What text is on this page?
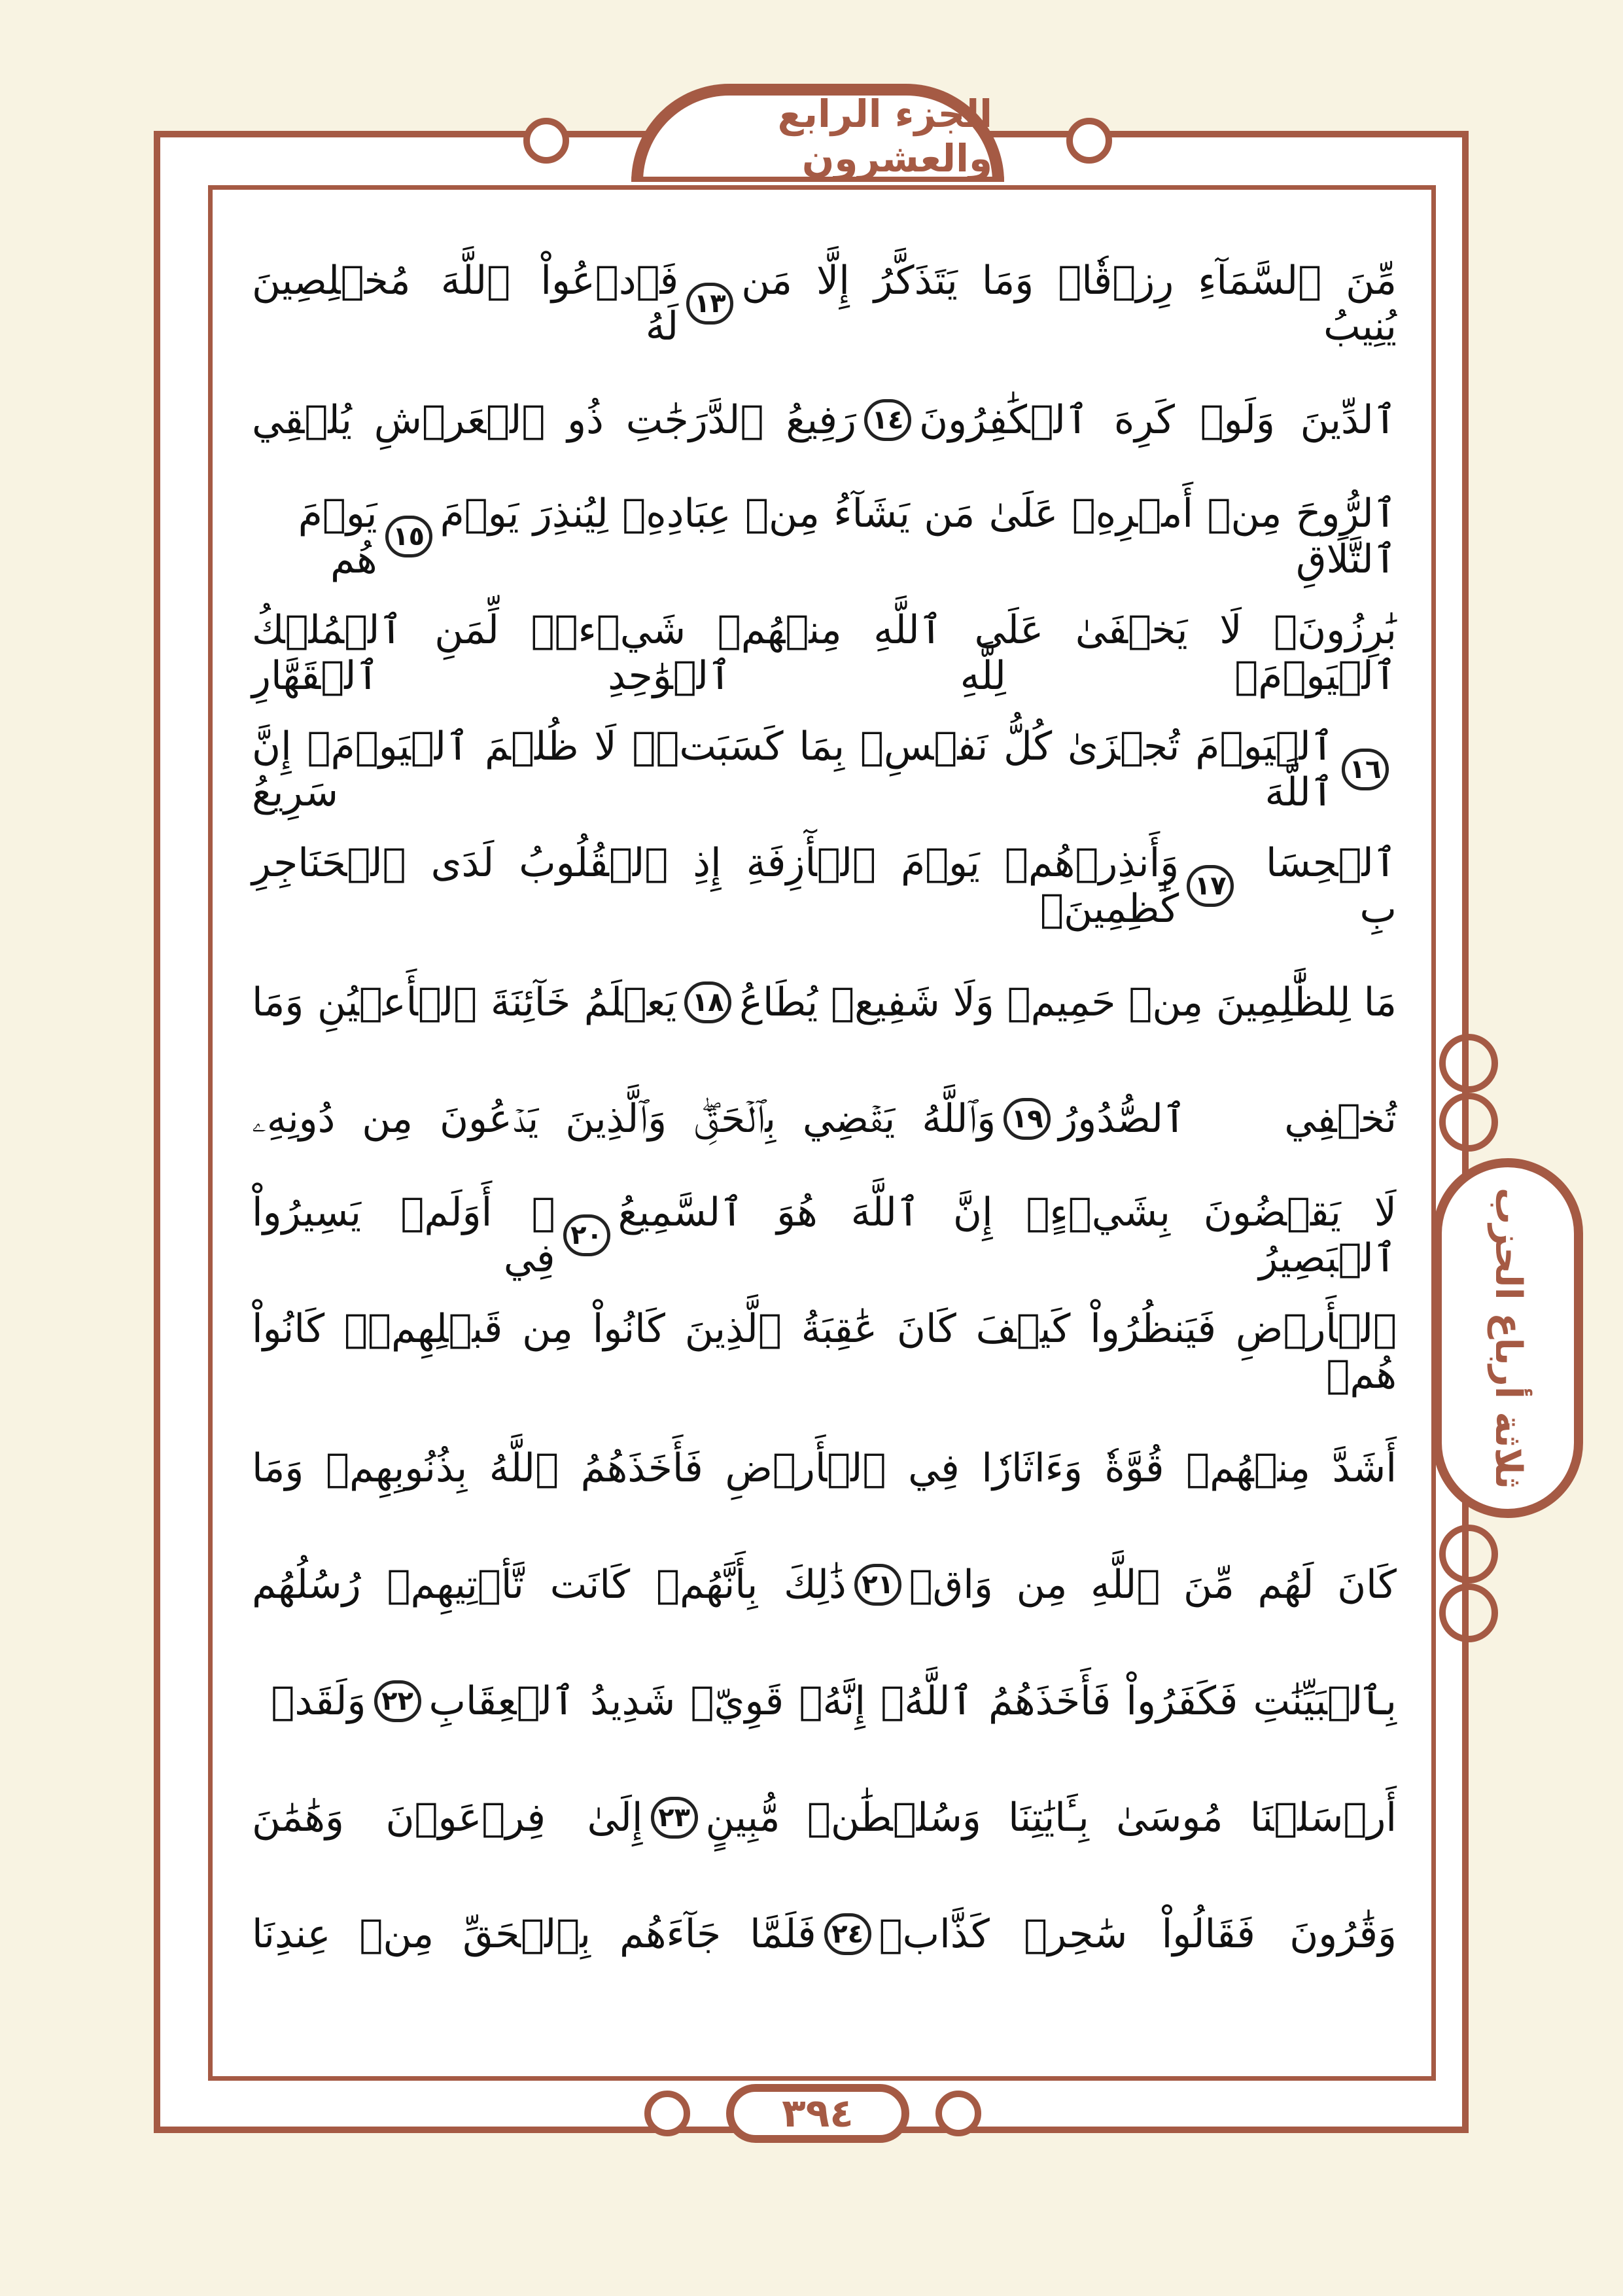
الجزء الرابع والعشرون
ثلاثة أرباع الحزب
مِّنَ ٱلسَّمَآءِ رِزۡقٗاۚ وَمَا يَتَذَكَّرُ إِلَّا مَن يُنِيبُ
١٣
فَٱدۡعُواْ ٱللَّهَ مُخۡلِصِينَ لَهُ
ٱلدِّينَ وَلَوۡ كَرِهَ ٱلۡكَٰفِرُونَ
١٤
رَفِيعُ ٱلدَّرَجَٰتِ ذُو ٱلۡعَرۡشِ يُلۡقِي
ٱلرُّوحَ مِنۡ أَمۡرِهِۦ عَلَىٰ مَن يَشَآءُ مِنۡ عِبَادِهِۦ لِيُنذِرَ يَوۡمَ ٱلتَّلَاقِ
١٥
يَوۡمَ هُم
بَٰرِزُونَۖ لَا يَخۡفَىٰ عَلَى ٱللَّهِ مِنۡهُمۡ شَيۡءٞۚ لِّمَنِ ٱلۡمُلۡكُ ٱلۡيَوۡمَۖ لِلَّهِ ٱلۡوَٰحِدِ ٱلۡقَهَّارِ
١٦
ٱلۡيَوۡمَ تُجۡزَىٰ كُلُّ نَفۡسِۭ بِمَا كَسَبَتۡۚ لَا ظُلۡمَ ٱلۡيَوۡمَۚ إِنَّ ٱللَّهَ سَرِيعُ
ٱلۡحِسَابِ
١٧
وَأَنذِرۡهُمۡ يَوۡمَ ٱلۡأٓزِفَةِ إِذِ ٱلۡقُلُوبُ لَدَى ٱلۡحَنَاجِرِ كَٰظِمِينَۚ
مَا لِلظَّٰلِمِينَ مِنۡ حَمِيمٖ وَلَا شَفِيعٖ يُطَاعُ
١٨
يَعۡلَمُ خَآئِنَةَ ٱلۡأَعۡيُنِ وَمَا
تُخۡفِي ٱلصُّدُورُ
١٩
وَٱللَّهُ يَقۡضِي بِٱلۡحَقِّۖ وَٱلَّذِينَ يَدۡعُونَ مِن دُونِهِۦ
لَا يَقۡضُونَ بِشَيۡءٍۗ إِنَّ ٱللَّهَ هُوَ ٱلسَّمِيعُ ٱلۡبَصِيرُ
٢٠
۞ أَوَلَمۡ يَسِيرُواْ فِي
ٱلۡأَرۡضِ فَيَنظُرُواْ كَيۡفَ كَانَ عَٰقِبَةُ ٱلَّذِينَ كَانُواْ مِن قَبۡلِهِمۡۚ كَانُواْ هُمۡ
أَشَدَّ مِنۡهُمۡ قُوَّةٗ وَءَاثَارٗا فِي ٱلۡأَرۡضِ فَأَخَذَهُمُ ٱللَّهُ بِذُنُوبِهِمۡ وَمَا
كَانَ لَهُم مِّنَ ٱللَّهِ مِن وَاقٖ
٢١
ذَٰلِكَ بِأَنَّهُمۡ كَانَت تَّأۡتِيهِمۡ رُسُلُهُم
بِٱلۡبَيِّنَٰتِ فَكَفَرُواْ فَأَخَذَهُمُ ٱللَّهُۚ إِنَّهُۥ قَوِيّٞ شَدِيدُ ٱلۡعِقَابِ
٢٢
وَلَقَدۡ
أَرۡسَلۡنَا مُوسَىٰ بِـَٔايَٰتِنَا وَسُلۡطَٰنٖ مُّبِينٍ
٢٣
إِلَىٰ فِرۡعَوۡنَ وَهَٰمَٰنَ
وَقَٰرُونَ فَقَالُواْ سَٰحِرٞ كَذَّابٞ
٢٤
فَلَمَّا جَآءَهُم بِٱلۡحَقِّ مِنۡ عِندِنَا
٣٩٤
